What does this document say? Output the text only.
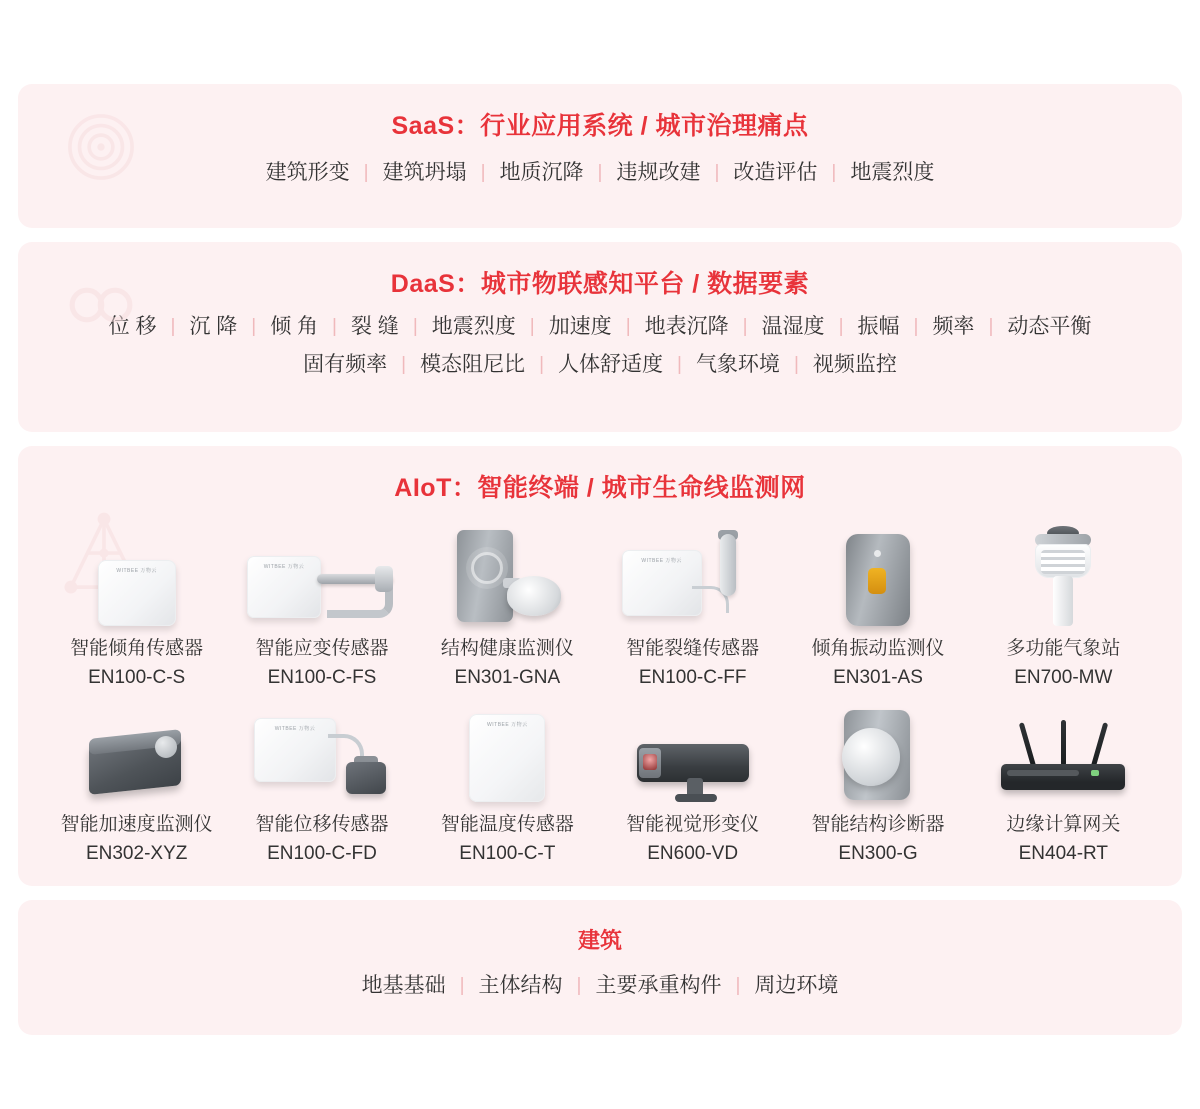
SaaS：行业应用系统 / 城市治理痛点
建筑形变 | 建筑坍塌 | 地质沉降 | 违规改建 | 改造评估 | 地震烈度
DaaS：城市物联感知平台 / 数据要素
位 移 | 沉 降 | 倾 角 | 裂 缝 | 地震烈度 | 加速度 | 地表沉降 | 温湿度 | 振幅 | 频率 | 动态平衡
固有频率 | 模态阻尼比 | 人体舒适度 | 气象环境 | 视频监控
AIoT：智能终端 / 城市生命线监测网
WITBEE 万物云
智能倾角传感器
EN100-C-S
WITBEE 万物云
智能应变传感器
EN100-C-FS
结构健康监测仪
EN301-GNA
WITBEE 万物云
智能裂缝传感器
EN100-C-FF
倾角振动监测仪
EN301-AS
多功能气象站
EN700-MW
智能加速度监测仪
EN302-XYZ
WITBEE 万物云
智能位移传感器
EN100-C-FD
WITBEE 万物云
智能温度传感器
EN100-C-T
智能视觉形变仪
EN600-VD
智能结构诊断器
EN300-G
边缘计算网关
EN404-RT
建筑
地基基础 | 主体结构 | 主要承重构件 | 周边环境
